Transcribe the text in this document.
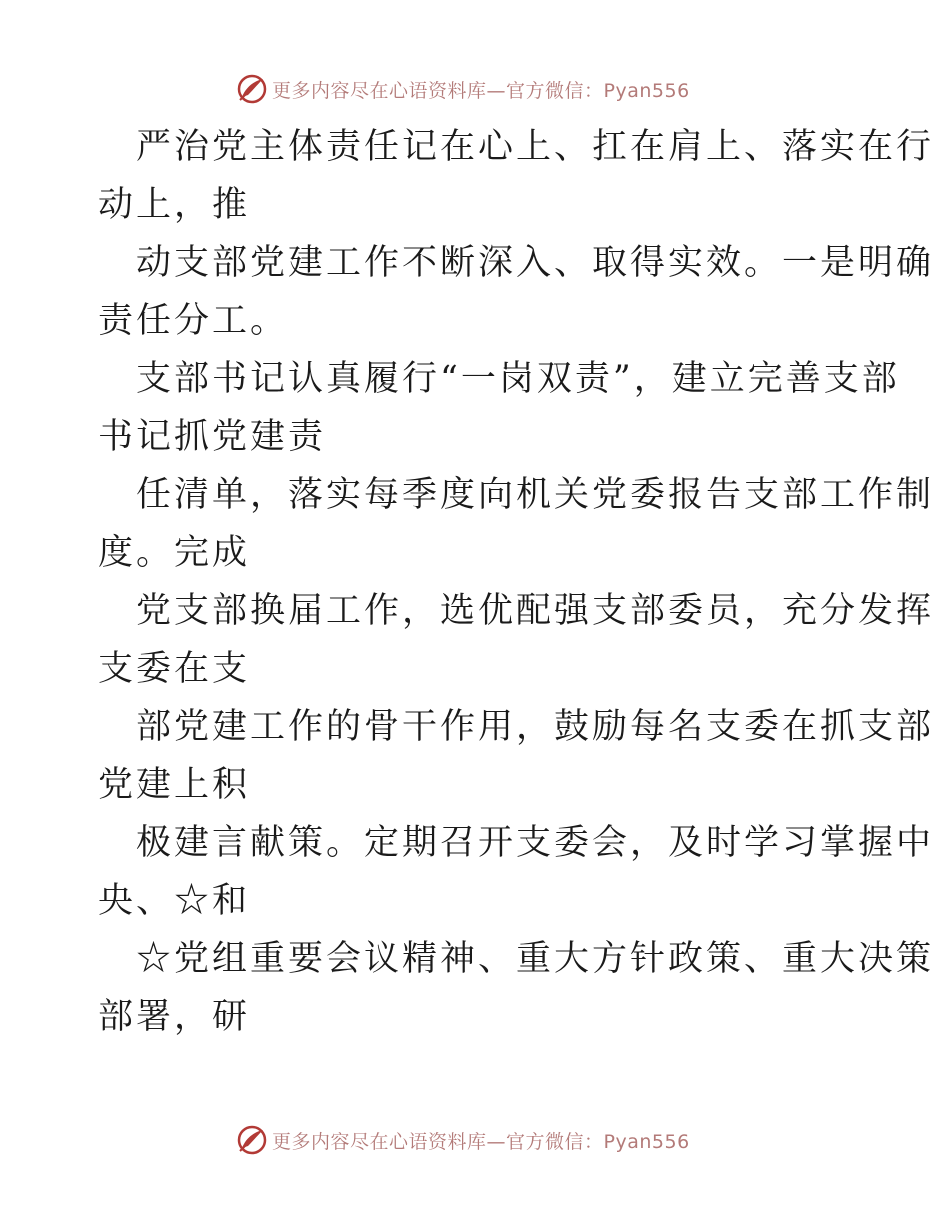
更多内容尽在心语资料库—官方微信：Pyan556

严治党主体责任记在心上、扛在肩上、落实在行
动上，推

动支部党建工作不断深入、取得实效。一是明确
责任分工。

支部书记认真履行“一岗双责”，建立完善支部
书记抓党建责

任清单，落实每季度向机关党委报告支部工作制
度。完成

党支部换届工作，选优配强支部委员，充分发挥
支委在支

部党建工作的骨干作用，鼓励每名支委在抓支部
党建上积

极建言献策。定期召开支委会，及时学习掌握中
央、☆和

☆党组重要会议精神、重大方针政策、重大决策
部署，研

更多内容尽在心语资料库—官方微信：Pyan556
